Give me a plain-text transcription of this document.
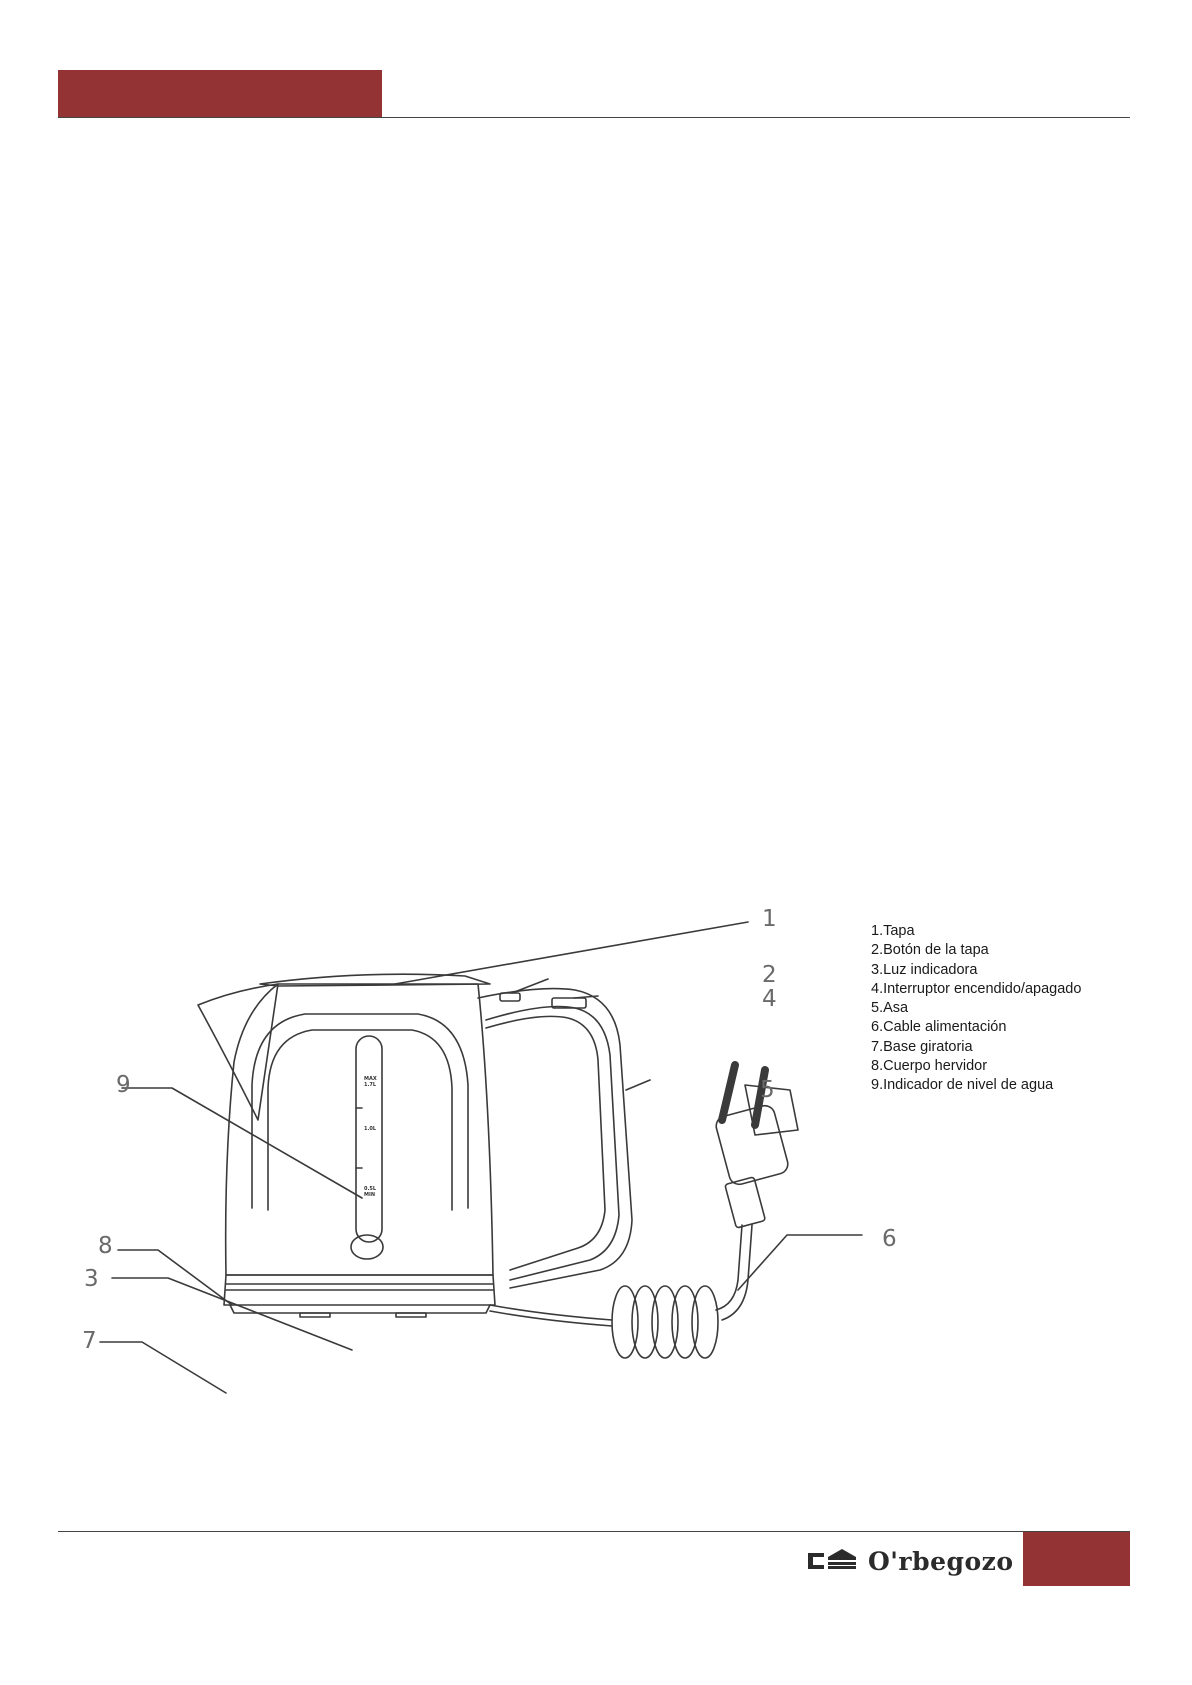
1
2
4
5
9
8
3
7
6
MAX
1.7L
1.0L
0.5L
MIN
1.Tapa
2.Botón de la tapa
3.Luz indicadora
4.Interruptor encendido/apagado
5.Asa
6.Cable alimentación
7.Base giratoria
8.Cuerpo hervidor
9.Indicador de nivel de agua
O'rbegozo
